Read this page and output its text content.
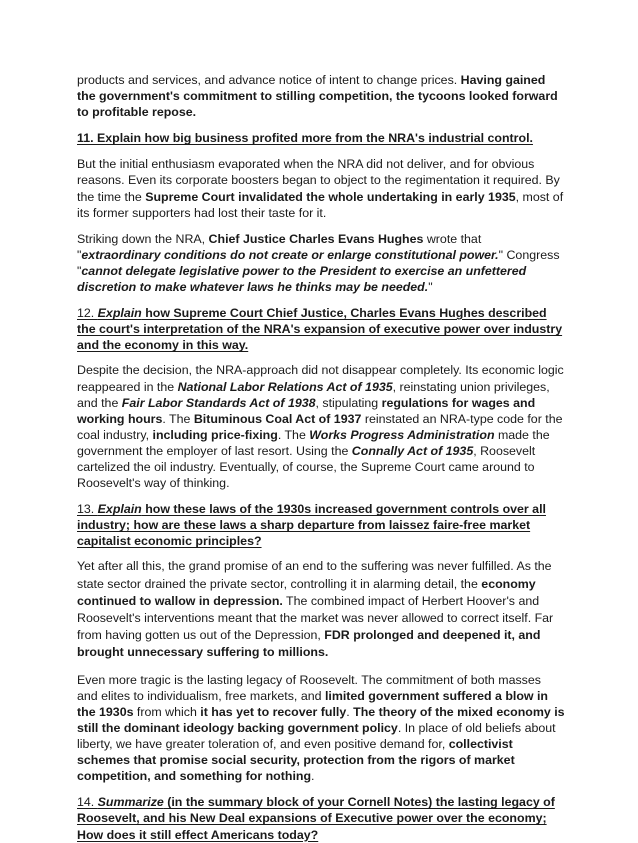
products and services, and advance notice of intent to change prices. Having gained the government's commitment to stilling competition, the tycoons looked forward to profitable repose.

11. Explain how big business profited more from the NRA's industrial control.

But the initial enthusiasm evaporated when the NRA did not deliver, and for obvious reasons. Even its corporate boosters began to object to the regimentation it required. By the time the Supreme Court invalidated the whole undertaking in early 1935, most of its former supporters had lost their taste for it.

Striking down the NRA, Chief Justice Charles Evans Hughes wrote that "extraordinary conditions do not create or enlarge constitutional power." Congress "cannot delegate legislative power to the President to exercise an unfettered discretion to make whatever laws he thinks may be needed."

12. Explain how Supreme Court Chief Justice, Charles Evans Hughes described the court's interpretation of the NRA's expansion of executive power over industry and the economy in this way.

Despite the decision, the NRA-approach did not disappear completely. Its economic logic reappeared in the National Labor Relations Act of 1935, reinstating union privileges, and the Fair Labor Standards Act of 1938, stipulating regulations for wages and working hours. The Bituminous Coal Act of 1937 reinstated an NRA-type code for the coal industry, including price-fixing. The Works Progress Administration made the government the employer of last resort. Using the Connally Act of 1935, Roosevelt cartelized the oil industry. Eventually, of course, the Supreme Court came around to Roosevelt's way of thinking.

13. Explain how these laws of the 1930s increased government controls over all industry; how are these laws a sharp departure from laissez faire-free market capitalist economic principles?

Yet after all this, the grand promise of an end to the suffering was never fulfilled. As the state sector drained the private sector, controlling it in alarming detail, the economy continued to wallow in depression. The combined impact of Herbert Hoover's and Roosevelt's interventions meant that the market was never allowed to correct itself. Far from having gotten us out of the Depression, FDR prolonged and deepened it, and brought unnecessary suffering to millions.

Even more tragic is the lasting legacy of Roosevelt. The commitment of both masses and elites to individualism, free markets, and limited government suffered a blow in the 1930s from which it has yet to recover fully. The theory of the mixed economy is still the dominant ideology backing government policy. In place of old beliefs about liberty, we have greater toleration of, and even positive demand for, collectivist schemes that promise social security, protection from the rigors of market competition, and something for nothing.

14. Summarize (in the summary block of your Cornell Notes) the lasting legacy of Roosevelt, and his New Deal expansions of Executive power over the economy; How does it still effect Americans today?
